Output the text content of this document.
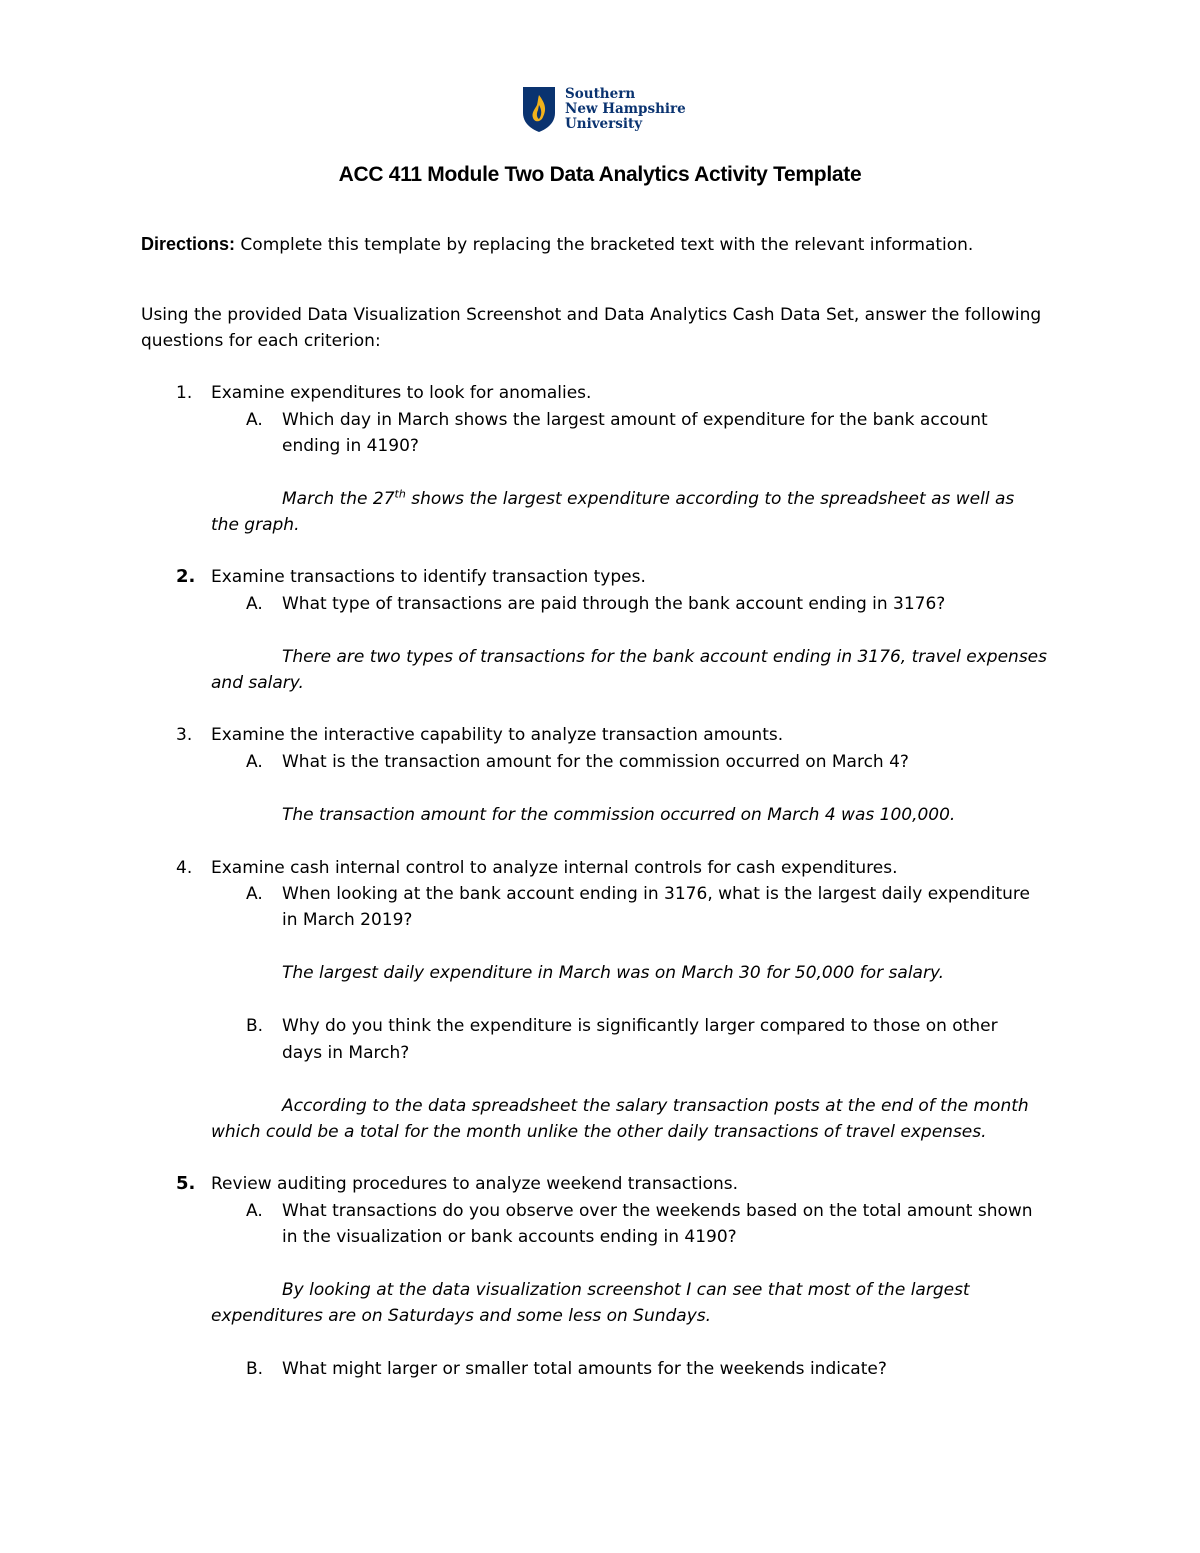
Southern
New Hampshire
University
ACC 411 Module Two Data Analytics Activity Template
Directions: Complete this template by replacing the bracketed text with the relevant information.
Using the provided Data Visualization Screenshot and Data Analytics Cash Data Set, answer the following
questions for each criterion:
1. Examine expenditures to look for anomalies.
A. Which day in March shows the largest amount of expenditure for the bank account
ending in 4190?
March the 27th shows the largest expenditure according to the spreadsheet as well as
the graph.
2. Examine transactions to identify transaction types.
A. What type of transactions are paid through the bank account ending in 3176?
There are two types of transactions for the bank account ending in 3176, travel expenses
and salary.
3. Examine the interactive capability to analyze transaction amounts.
A. What is the transaction amount for the commission occurred on March 4?
The transaction amount for the commission occurred on March 4 was 100,000.
4. Examine cash internal control to analyze internal controls for cash expenditures.
A. When looking at the bank account ending in 3176, what is the largest daily expenditure
in March 2019?
The largest daily expenditure in March was on March 30 for 50,000 for salary.
B. Why do you think the expenditure is significantly larger compared to those on other
days in March?
According to the data spreadsheet the salary transaction posts at the end of the month
which could be a total for the month unlike the other daily transactions of travel expenses.
5. Review auditing procedures to analyze weekend transactions.
A. What transactions do you observe over the weekends based on the total amount shown
in the visualization or bank accounts ending in 4190?
By looking at the data visualization screenshot I can see that most of the largest
expenditures are on Saturdays and some less on Sundays.
B. What might larger or smaller total amounts for the weekends indicate?
